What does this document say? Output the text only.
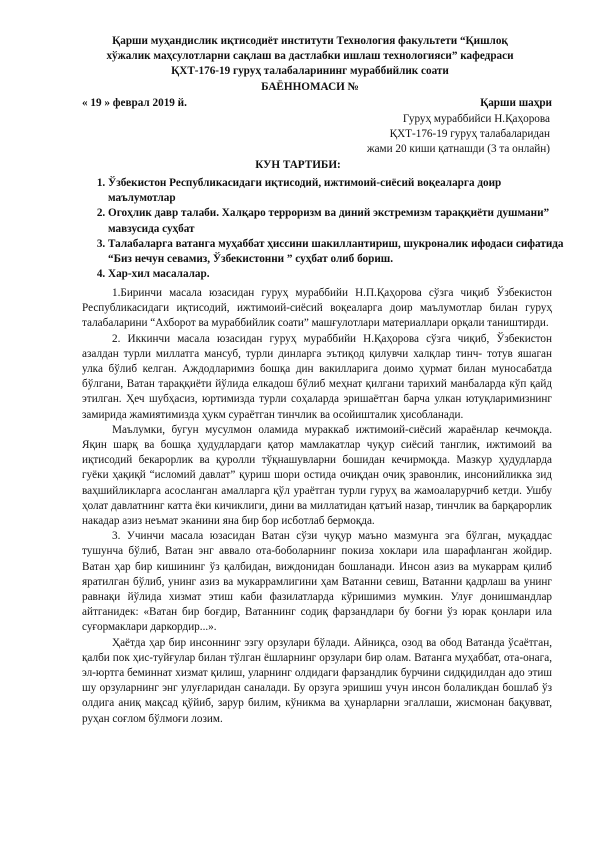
Қарши муҳандислик иқтисодиёт институти Технология факультети “Қишлоқ
хўжалик маҳсулотларни сақлаш ва дастлабки ишлаш технологияси” кафедраси
ҚХТ-176-19 гуруҳ талабаларининг мураббийлик соати
БАЁННОМАСИ №
« 19 » феврал 2019 й.	Қарши шаҳри
Гуруҳ мураббийси Н.Қаҳорова
ҚХТ-176-19 гуруҳ талабаларидан
жами 20 киши қатнашди (3 та онлайн)
КУН ТАРТИБИ:
1. Ўзбекистон Республикасидаги иқтисодий, ижтимоий-сиёсий воқеаларга доир маълумотлар
2. Огоҳлик давр талаби. Халқаро терроризм ва диний экстремизм тараққиёти душмани” мавзусида суҳбат
3. Талабаларга ватанга муҳаббат ҳиссини шакиллантириш, шукроналик ифодаси сифатида “Биз нечун севамиз, Ўзбекистонни ” суҳбат олиб бориш.
4. Хар-хил масалалар.

1.Биринчи масала юзасидан гуруҳ мураббийи Н.П.Қаҳорова сўзга чиқиб Ўзбекистон Республикасидаги иқтисодий, ижтимоий-сиёсий воқеаларга доир маълумотлар билан гуруҳ талабаларини “Ахборот ва мураббийлик соати” машғулотлари материаллари орқали таништирди.

2. Иккинчи масала юзасидан гуруҳ мураббийи Н.Қаҳорова сўзга чиқиб, Ўзбекистон азалдан турли миллатга мансуб, турли динларга эътиқод қилувчи халқлар тинч- тотув яшаган улка бўлиб келган. Аждодларимиз бошқа дин вакилларига доимо ҳурмат билан муносабатда бўлгани, Ватан тараққиёти йўлида елкадош бўлиб меҳнат қилгани тарихий манбаларда кўп қайд этилган. Ҳеч шубҳасиз, юртимизда турли соҳаларда эришаётган барча улкан ютуқларимизнинг замирида жамиятимизда ҳукм сураётган тинчлик ва осойишталик ҳисобланади.

Маълумки, бугун мусулмон оламида мураккаб ижтимоий-сиёсий жараёнлар кечмоқда. Яқин шарқ ва бошқа ҳудудлардаги қатор мамлакатлар чуқур сиёсий танглик, ижтимоий ва иқтисодий бекарорлик ва қуролли тўқнашувларни бошидан кечирмоқда. Мазкур ҳудудларда гуёки ҳақиқй “исломий давлат” қуриш шори остида очиқдан очиқ зравонлик, инсонийликка зид ваҳшийликларга асосланган амалларга қўл ураётган турли гуруҳ ва жамоаларурчиб кетди. Ушбу ҳолат давлатнинг катта ёки кичиклиги, дини ва миллатидан қатъий назар, тинчлик ва барқарорлик накадар азиз неъмат эканини яна бир бор исботлаб бермоқда.

3. Учинчи масала юзасидан Ватан сўзи чуқур маъно мазмунга эга бўлган, муқаддас тушунча бўлиб, Ватан энг аввало ота-боболарнинг покиза хоклари ила шарафланган жойдир. Ватан ҳар бир кишининг ўз қалбидан, виждонидан бошланади. Инсон азиз ва мукаррам қилиб яратилган бўлиб, унинг азиз ва мукаррамлигини ҳам Ватанни севиш, Ватанни қадрлаш ва унинг равнақи йўлида хизмат этиш каби фазилатларда кўришимиз мумкин. Улуғ донишмандлар айтганидек: «Ватан бир боғдир, Ватаннинг содиқ фарзандлари бу боғни ўз юрак қонлари ила суғормаклари даркордир...».

Ҳаётда ҳар бир инсоннинг эзгу орзулари бўлади. Айниқса, озод ва обод Ватанда ўсаётган, қалби пок ҳис-туйғулар билан тўлган ёшларнинг орзулари бир олам. Ватанга муҳаббат, ота-онага, эл-юртга беминнат хизмат қилиш, уларнинг олдидаги фарзандлик бурчини сидқидилдан адо этиш шу орзуларнинг энг улуғларидан саналади. Бу орзуга эришиш учун инсон болаликдан бошлаб ўз олдига аниқ мақсад қўйиб, зарур билим, кўникма ва ҳунарларни эгаллаши, жисмонан бақувват, руҳан соғлом бўлмоғи лозим.
